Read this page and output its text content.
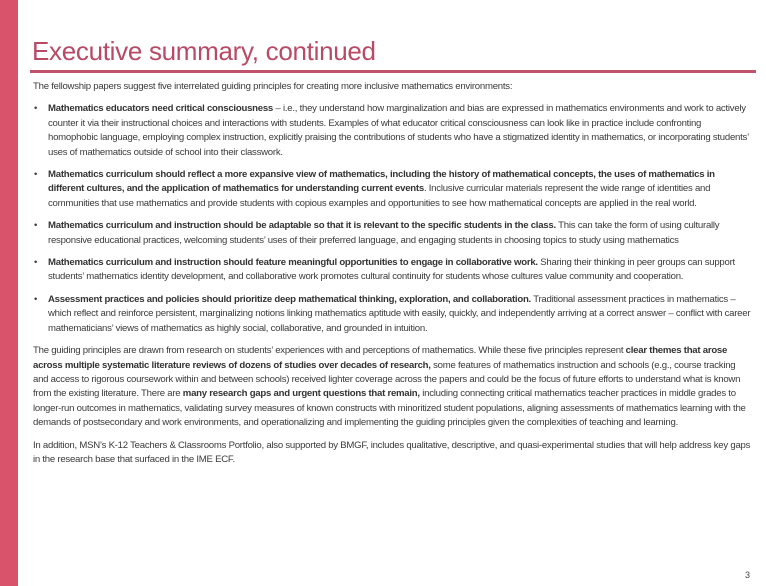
Executive summary, continued

The fellowship papers suggest five interrelated guiding principles for creating more inclusive mathematics environments:

• Mathematics educators need critical consciousness – i.e., they understand how marginalization and bias are expressed in mathematics environments and work to actively counter it via their instructional choices and interactions with students. Examples of what educator critical consciousness can look like in practice include confronting homophobic language, employing complex instruction, explicitly praising the contributions of students who have a stigmatized identity in mathematics, or incorporating students’ uses of mathematics outside of school into their classwork.
• Mathematics curriculum should reflect a more expansive view of mathematics, including the history of mathematical concepts, the uses of mathematics in different cultures, and the application of mathematics for understanding current events. Inclusive curricular materials represent the wide range of identities and communities that use mathematics and provide students with copious examples and opportunities to see how mathematical concepts are applied in the real world.
• Mathematics curriculum and instruction should be adaptable so that it is relevant to the specific students in the class. This can take the form of using culturally responsive educational practices, welcoming students’ uses of their preferred language, and engaging students in choosing topics to study using mathematics
• Mathematics curriculum and instruction should feature meaningful opportunities to engage in collaborative work. Sharing their thinking in peer groups can support students’ mathematics identity development, and collaborative work promotes cultural continuity for students whose cultures value community and cooperation.
• Assessment practices and policies should prioritize deep mathematical thinking, exploration, and collaboration. Traditional assessment practices in mathematics – which reflect and reinforce persistent, marginalizing notions linking mathematics aptitude with easily, quickly, and independently arriving at a correct answer – conflict with career mathematicians’ views of mathematics as highly social, collaborative, and grounded in intuition.

The guiding principles are drawn from research on students’ experiences with and perceptions of mathematics. While these five principles represent clear themes that arose across multiple systematic literature reviews of dozens of studies over decades of research, some features of mathematics instruction and schools (e.g., course tracking and access to rigorous coursework within and between schools) received lighter coverage across the papers and could be the focus of future efforts to understand what is known from the existing literature. There are many research gaps and urgent questions that remain, including connecting critical mathematics teacher practices in middle grades to longer-run outcomes in mathematics, validating survey measures of known constructs with minoritized student populations, aligning assessments of mathematics learning with the demands of postsecondary and work environments, and operationalizing and implementing the guiding principles given the complexities of teaching and learning.

In addition, MSN’s K-12 Teachers & Classrooms Portfolio, also supported by BMGF, includes qualitative, descriptive, and quasi-experimental studies that will help address key gaps in the research base that surfaced in the IME ECF.

3
